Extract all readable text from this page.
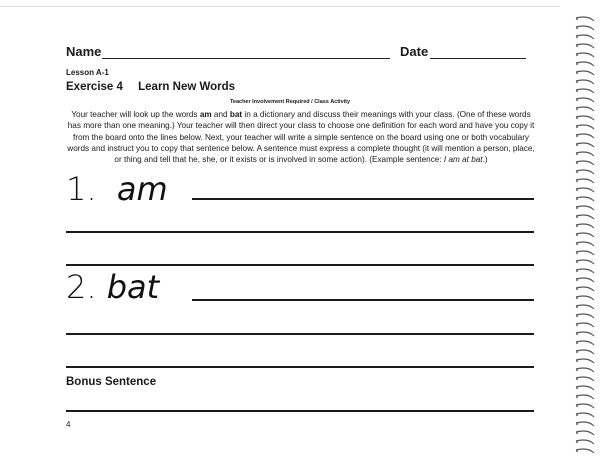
Name	Date
Lesson A-1
Exercise 4 Learn New Words
Teacher Involvement Required / Class Activity
Your teacher will look up the words am and bat in a dictionary and discuss their meanings with your class. (One of these words has more than one meaning.) Your teacher will then direct your class to choose one definition for each word and have you copy it from the board onto the lines below. Next, your teacher will write a simple sentence on the board using one or both vocabulary words and instruct you to copy that sentence below. A sentence must express a complete thought (it will mention a person, place, or thing and tell that he, she, or it exists or is involved in some action). (Example sentence: I am at bat.)
1. am
2. bat
Bonus Sentence
4
